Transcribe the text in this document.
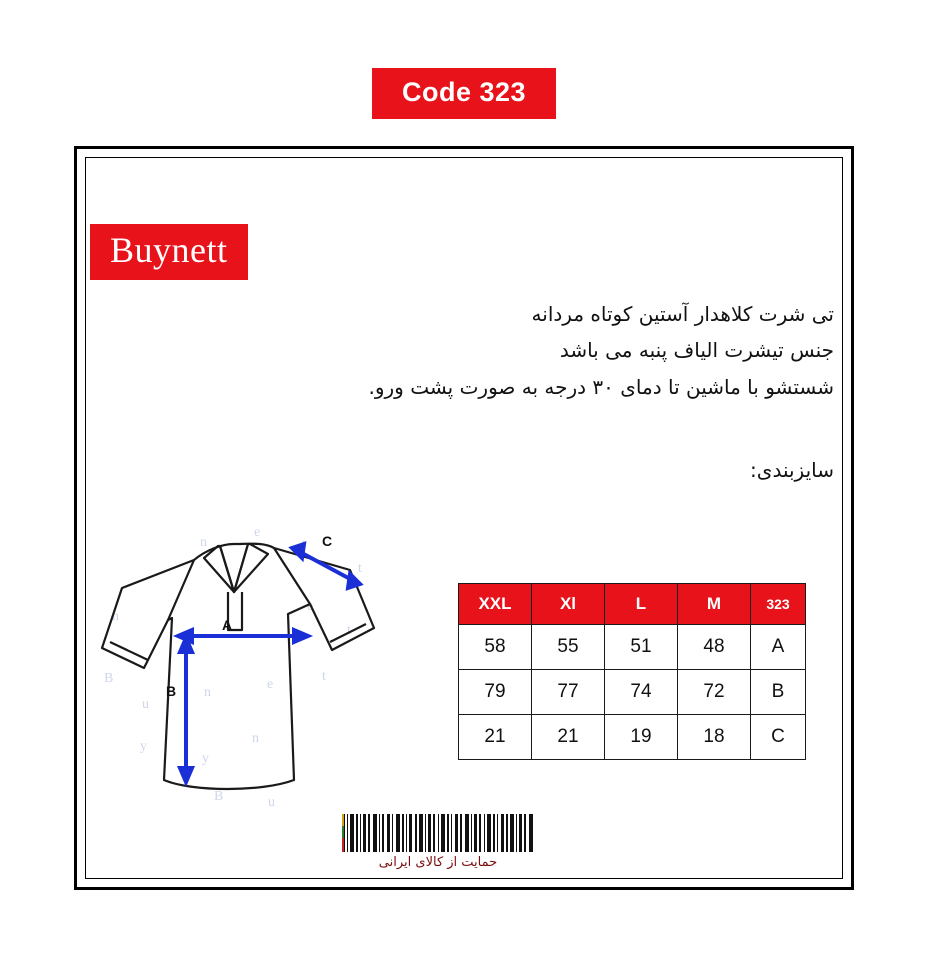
Code 323
Buynett
تی شرت کلاهدار آستین کوتاه مردانه
جنس تیشرت الیاف پنبه می باشد
شستشو با ماشین تا دمای ۳۰ درجه به صورت پشت ورو.
سایزبندی:
n
e
t
n
e
t
B
u
n
e
t
y
y
n
B	u
A
B
C
XXL	Xl	L	M	323
58	55	51	48	A
79	77	74	72	B
21	21	19	18	C
حمایت از کالای ایرانی
